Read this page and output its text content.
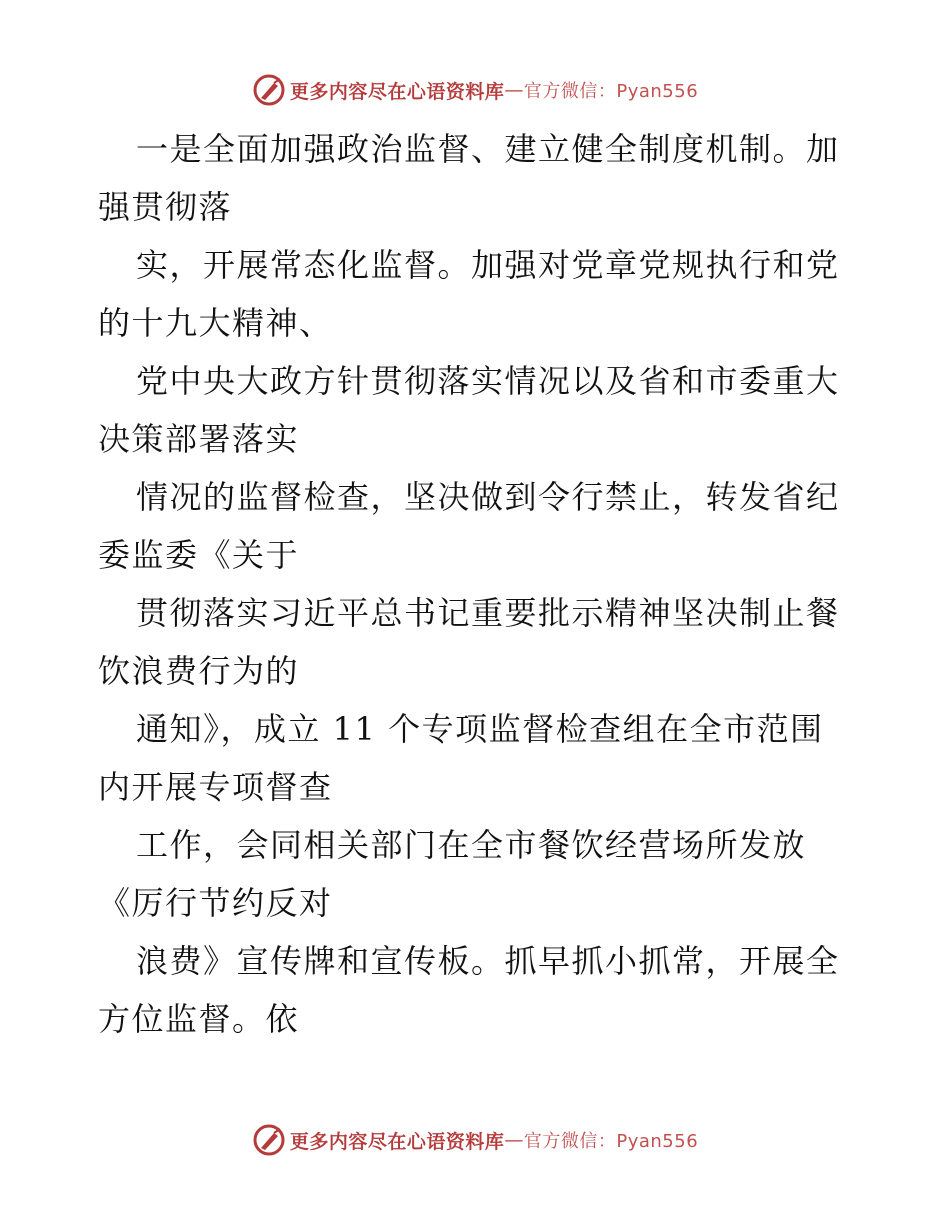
更多内容尽在心语资料库 — 官方微信：Pyan556
一是全面加强政治监督、建立健全制度机制。加
强贯彻落
实，开展常态化监督。加强对党章党规执行和党
的十九大精神、
党中央大政方针贯彻落实情况以及省和市委重大
决策部署落实
情况的监督检查，坚决做到令行禁止，转发省纪
委监委《关于
贯彻落实习近平总书记重要批示精神坚决制止餐
饮浪费行为的
通知》，成立 11 个专项监督检查组在全市范围
内开展专项督查
工作，会同相关部门在全市餐饮经营场所发放
《厉行节约反对
浪费》宣传牌和宣传板。抓早抓小抓常，开展全
方位监督。依
更多内容尽在心语资料库 — 官方微信：Pyan556
